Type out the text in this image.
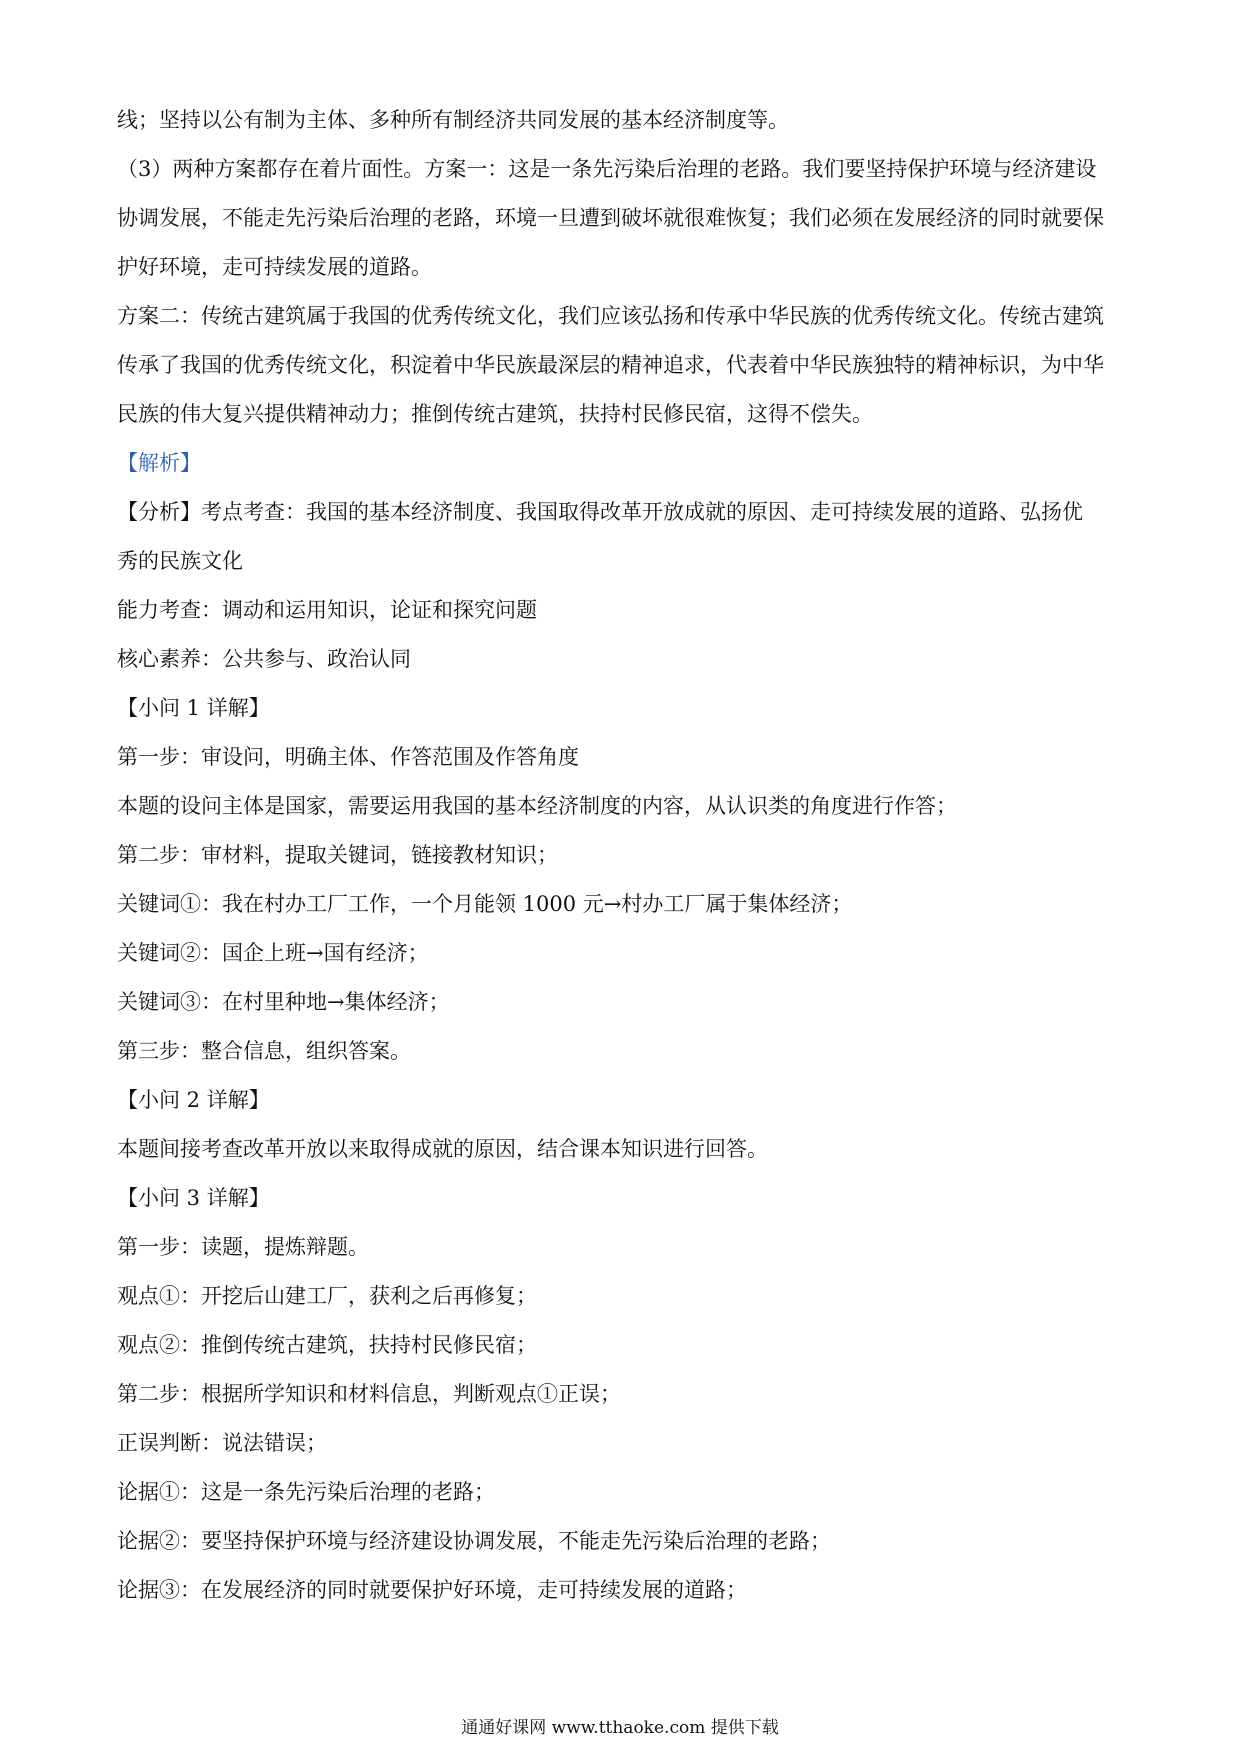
线；坚持以公有制为主体、多种所有制经济共同发展的基本经济制度等。

（3）两种方案都存在着片面性。方案一：这是一条先污染后治理的老路。我们要坚持保护环境与经济建设

协调发展，不能走先污染后治理的老路，环境一旦遭到破坏就很难恢复；我们必须在发展经济的同时就要保

护好环境，走可持续发展的道路。

方案二：传统古建筑属于我国的优秀传统文化，我们应该弘扬和传承中华民族的优秀传统文化。传统古建筑

传承了我国的优秀传统文化，积淀着中华民族最深层的精神追求，代表着中华民族独特的精神标识，为中华

民族的伟大复兴提供精神动力；推倒传统古建筑，扶持村民修民宿，这得不偿失。

【解析】

【分析】考点考查：我国的基本经济制度、我国取得改革开放成就的原因、走可持续发展的道路、弘扬优

秀的民族文化

能力考查：调动和运用知识，论证和探究问题

核心素养：公共参与、政治认同

【小问 1 详解】

第一步：审设问，明确主体、作答范围及作答角度

本题的设问主体是国家，需要运用我国的基本经济制度的内容，从认识类的角度进行作答；

第二步：审材料，提取关键词，链接教材知识；

关键词①：我在村办工厂工作，一个月能领 1000 元→村办工厂属于集体经济；

关键词②：国企上班→国有经济；

关键词③：在村里种地→集体经济；

第三步：整合信息，组织答案。

【小问 2 详解】

本题间接考查改革开放以来取得成就的原因，结合课本知识进行回答。

【小问 3 详解】

第一步：读题，提炼辩题。

观点①：开挖后山建工厂，获利之后再修复；

观点②：推倒传统古建筑，扶持村民修民宿；

第二步：根据所学知识和材料信息，判断观点①正误；

正误判断：说法错误；

论据①：这是一条先污染后治理的老路；

论据②：要坚持保护环境与经济建设协调发展，不能走先污染后治理的老路；

论据③：在发展经济的同时就要保护好环境，走可持续发展的道路；

通通好课网 www.tthaoke.com 提供下载
